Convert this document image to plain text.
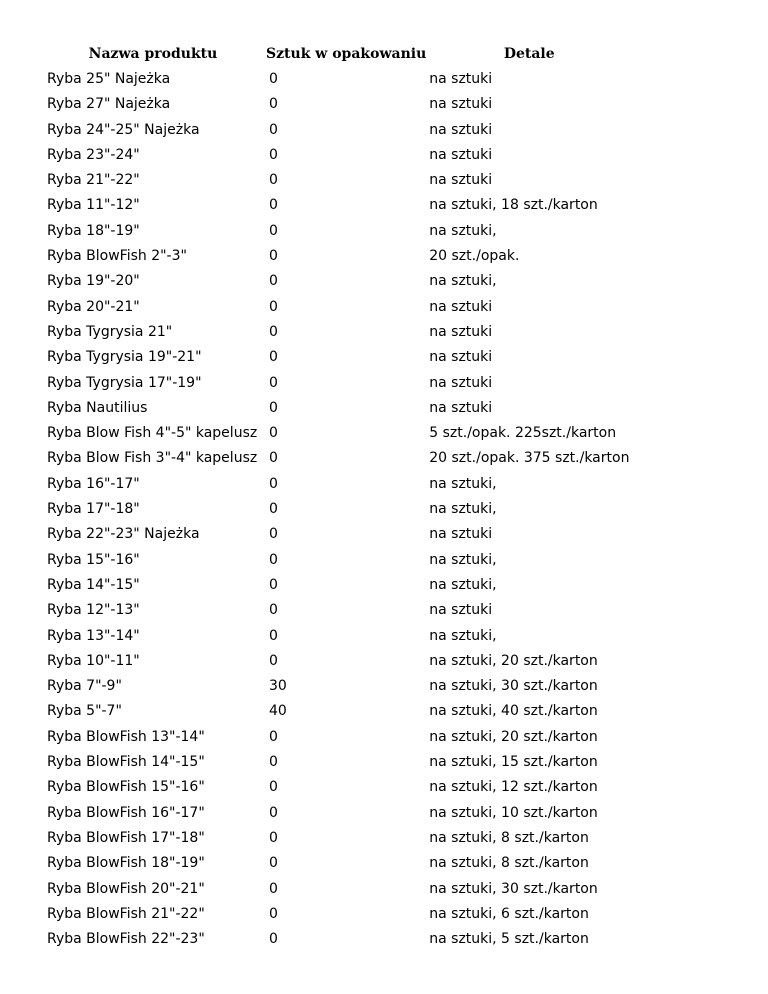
Nazwa produktu	Sztuk w opakowaniu	Detale
Ryba 25" Najeżka	0	na sztuki
Ryba 27" Najeżka	0	na sztuki
Ryba 24"-25" Najeżka	0	na sztuki
Ryba 23"-24"	0	na sztuki
Ryba 21"-22"	0	na sztuki
Ryba 11"-12"	0	na sztuki, 18 szt./karton
Ryba 18"-19"	0	na sztuki,
Ryba BlowFish 2"-3"	0	20 szt./opak.
Ryba 19"-20"	0	na sztuki,
Ryba 20"-21"	0	na sztuki
Ryba Tygrysia 21"	0	na sztuki
Ryba Tygrysia 19"-21"	0	na sztuki
Ryba Tygrysia 17"-19"	0	na sztuki
Ryba Nautilius	0	na sztuki
Ryba Blow Fish 4"-5" kapelusz	0	5 szt./opak. 225szt./karton
Ryba Blow Fish 3"-4" kapelusz	0	20 szt./opak. 375 szt./karton
Ryba 16"-17"	0	na sztuki,
Ryba 17"-18"	0	na sztuki,
Ryba 22"-23" Najeżka	0	na sztuki
Ryba 15"-16"	0	na sztuki,
Ryba 14"-15"	0	na sztuki,
Ryba 12"-13"	0	na sztuki
Ryba 13"-14"	0	na sztuki,
Ryba 10"-11"	0	na sztuki, 20 szt./karton
Ryba 7"-9"	30	na sztuki, 30 szt./karton
Ryba 5"-7"	40	na sztuki, 40 szt./karton
Ryba BlowFish 13"-14"	0	na sztuki, 20 szt./karton
Ryba BlowFish 14"-15"	0	na sztuki, 15 szt./karton
Ryba BlowFish 15"-16"	0	na sztuki, 12 szt./karton
Ryba BlowFish 16"-17"	0	na sztuki, 10 szt./karton
Ryba BlowFish 17"-18"	0	na sztuki, 8 szt./karton
Ryba BlowFish 18"-19"	0	na sztuki, 8 szt./karton
Ryba BlowFish 20"-21"	0	na sztuki, 30 szt./karton
Ryba BlowFish 21"-22"	0	na sztuki, 6 szt./karton
Ryba BlowFish 22"-23"	0	na sztuki, 5 szt./karton
